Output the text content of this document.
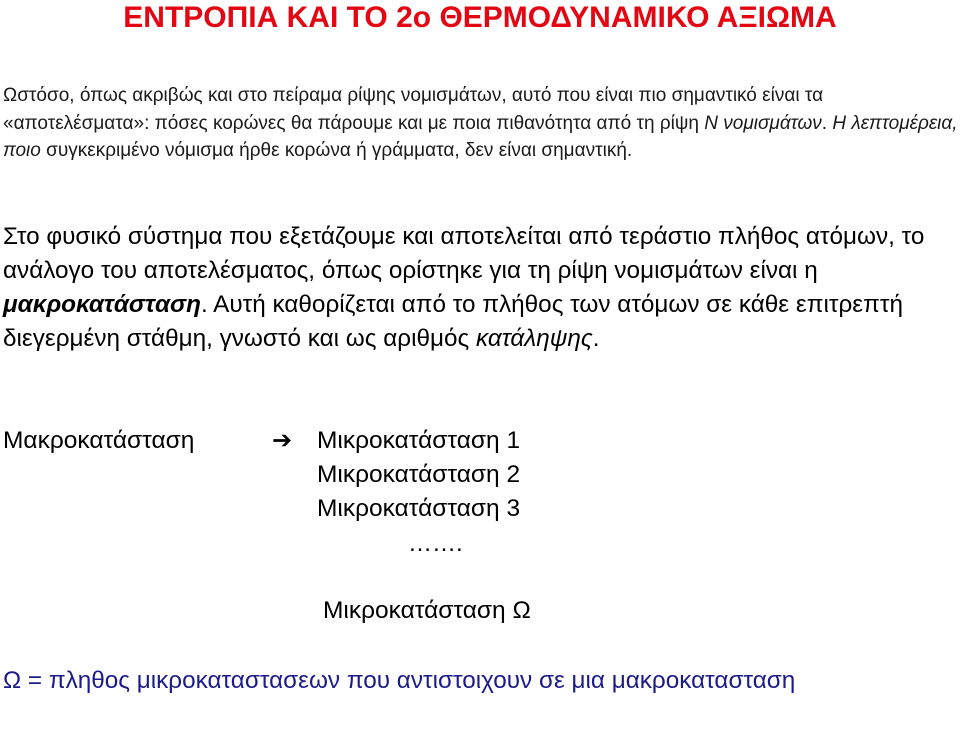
ΕΝΤΡΟΠΙΑ ΚΑΙ ΤΟ 2ο ΘΕΡΜΟΔΥΝΑΜΙΚΟ ΑΞΙΩΜΑ
Ωστόσο, όπως ακριβώς και στο πείραμα ρίψης νομισμάτων, αυτό που είναι πιο σημαντικό είναι τα «αποτελέσματα»: πόσες κορώνες θα πάρουμε και με ποια πιθανότητα από τη ρίψη Ν νομισμάτων. Η λεπτομέρεια, ποιο συγκεκριμένο νόμισμα ήρθε κορώνα ή γράμματα, δεν είναι σημαντική.
Στο φυσικό σύστημα που εξετάζουμε και αποτελείται από τεράστιο πλήθος ατόμων, το ανάλογο του αποτελέσματος, όπως ορίστηκε για τη ρίψη νομισμάτων είναι η μακροκατάσταση. Αυτή καθορίζεται από το πλήθος των ατόμων σε κάθε επιτρεπτή διεγερμένη στάθμη, γνωστό και ως αριθμός κατάληψης.
Μακροκατάσταση	➔ Μικροκατάσταση 1
Μικροκατάσταση 2
Μικροκατάσταση 3
…….
Μικροκατάσταση Ω
Ω = πληθος μικροκαταστασεων που αντιστοιχουν σε μια μακροκατασταση
